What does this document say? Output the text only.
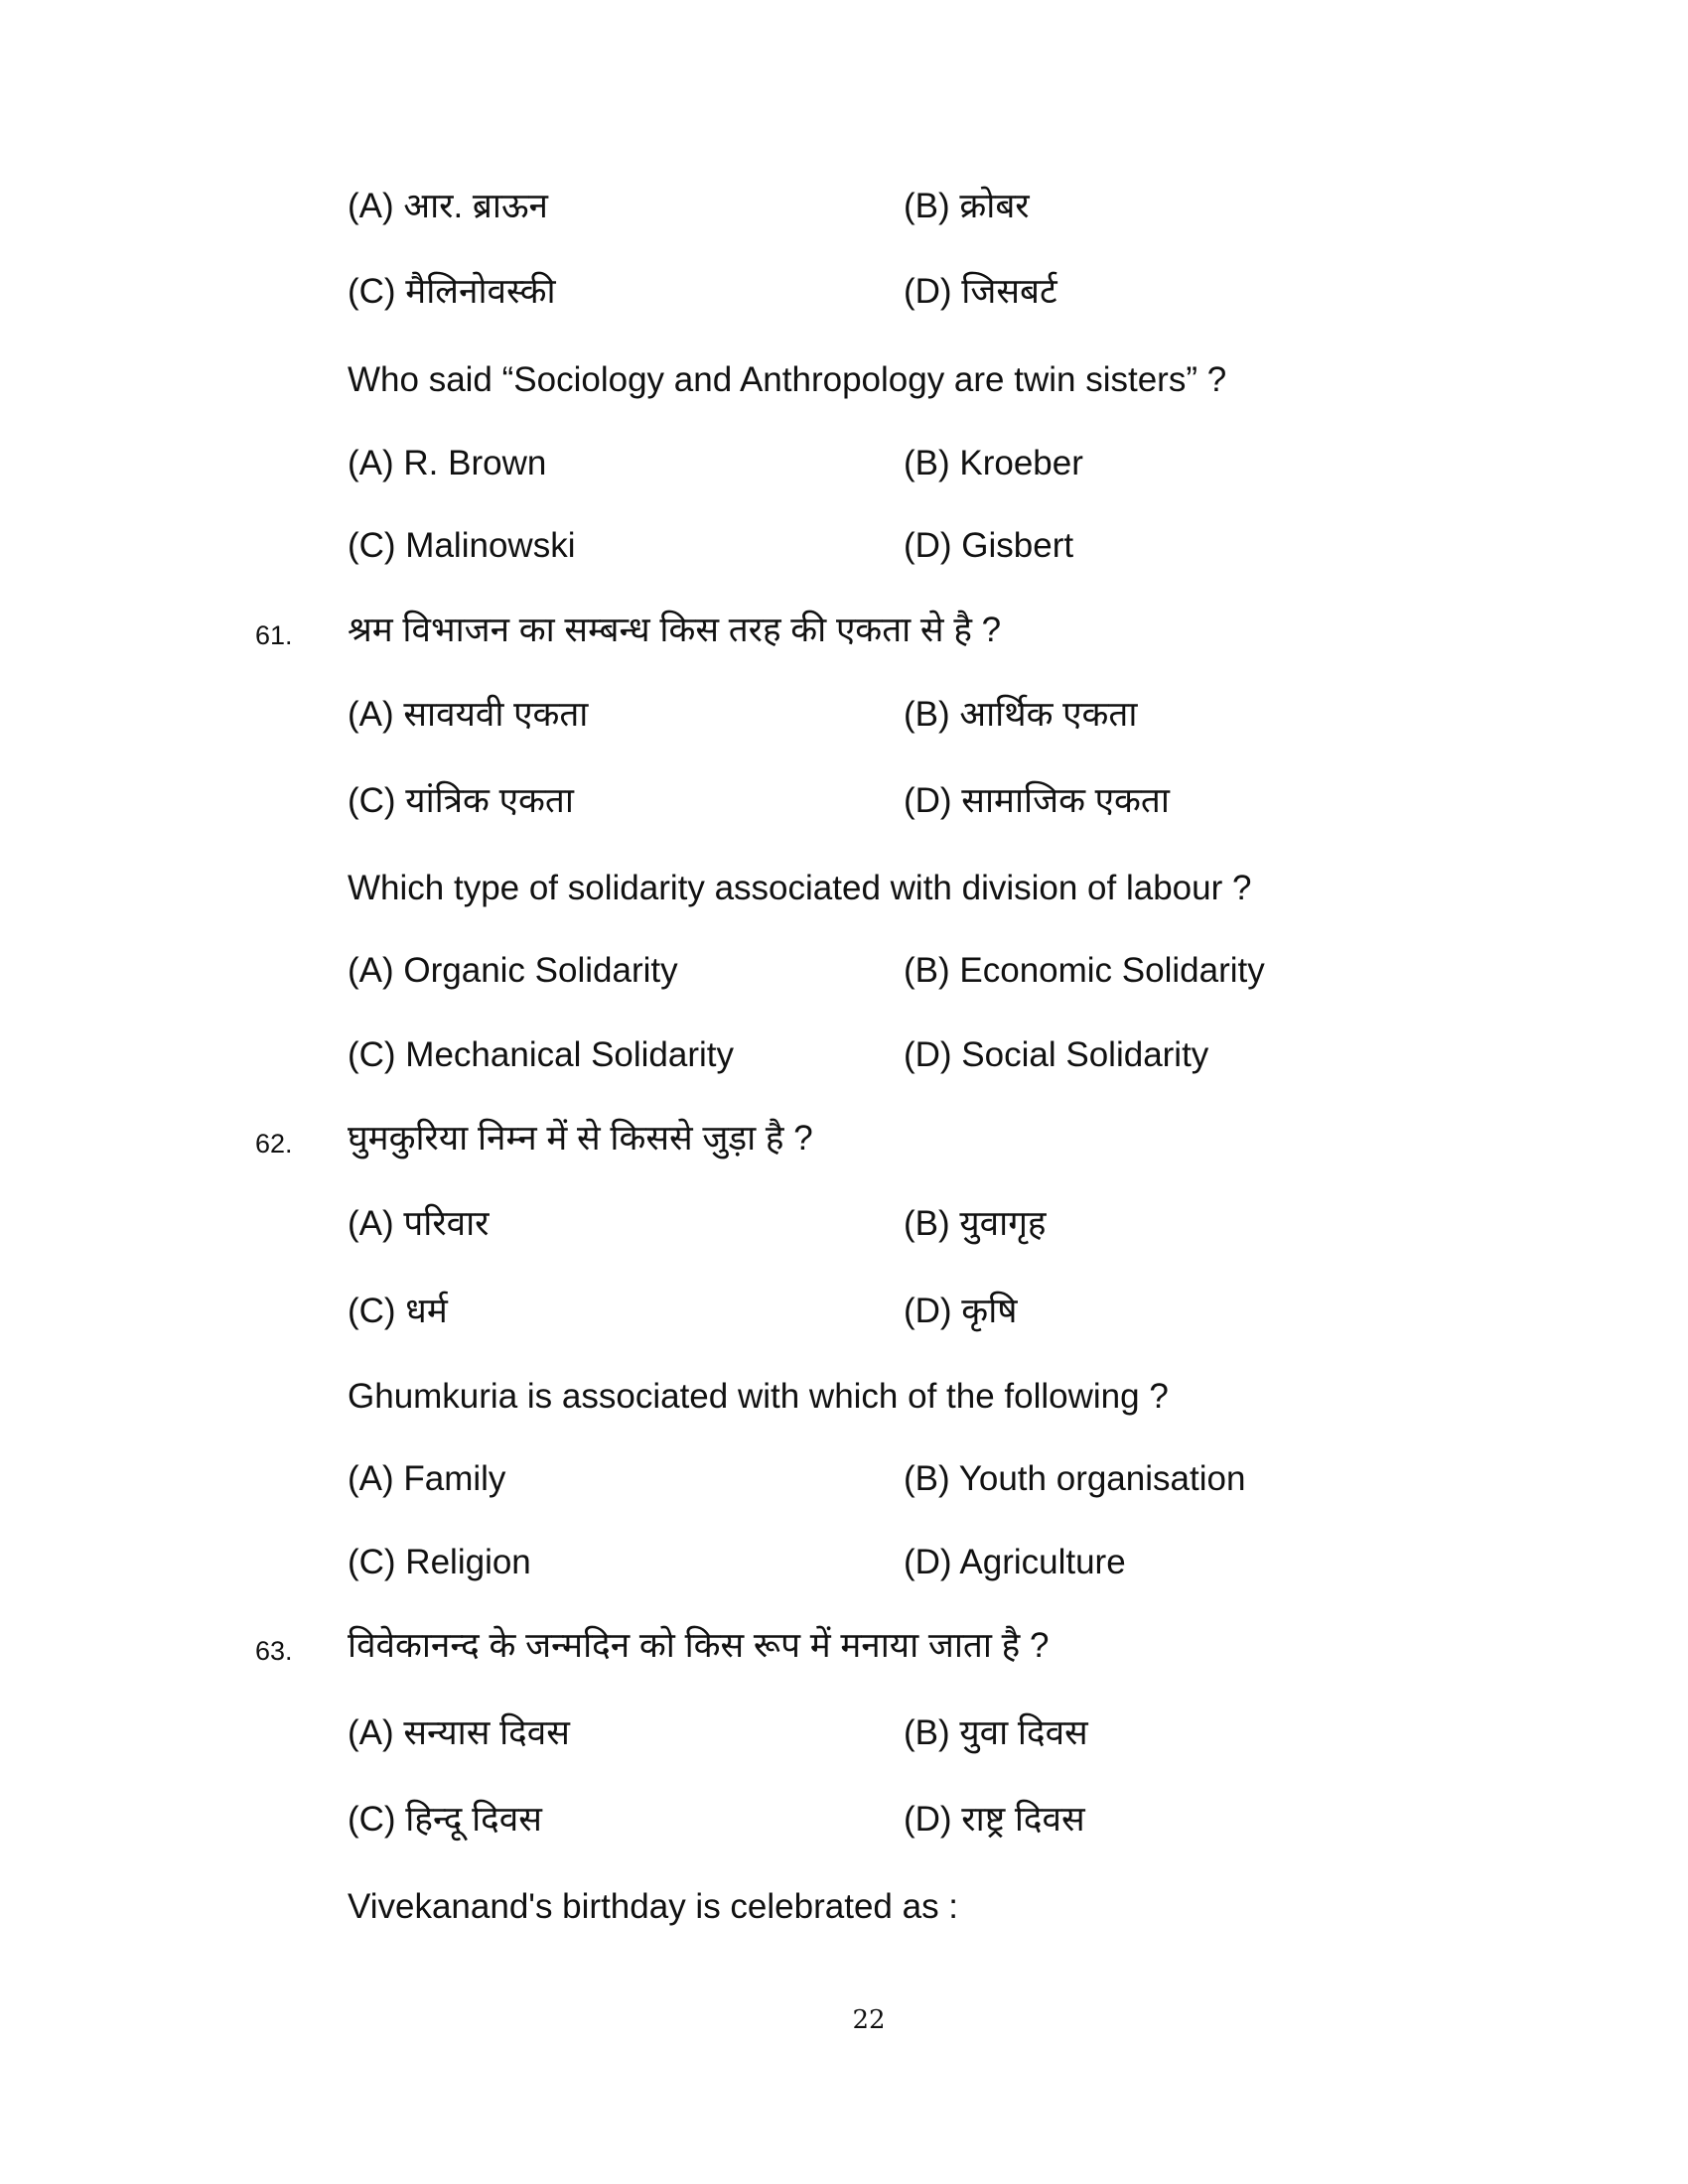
(A) आर. ब्राऊन	(B) क्रोबर
(C) मैलिनोवस्की	(D) जिसबर्ट
Who said “Sociology and Anthropology are twin sisters” ?
(A) R. Brown	(B) Kroeber
(C) Malinowski	(D) Gisbert
61. श्रम विभाजन का सम्बन्ध किस तरह की एकता से है ?
(A) सावयवी एकता	(B) आर्थिक एकता
(C) यांत्रिक एकता	(D) सामाजिक एकता
Which type of solidarity associated with division of labour ?
(A) Organic Solidarity	(B) Economic Solidarity
(C) Mechanical Solidarity	(D) Social Solidarity
62. घुमकुरिया निम्न में से किससे जुड़ा है ?
(A) परिवार	(B) युवागृह
(C) धर्म	(D) कृषि
Ghumkuria is associated with which of the following ?
(A) Family	(B) Youth organisation
(C) Religion	(D) Agriculture
63. विवेकानन्द के जन्मदिन को किस रूप में मनाया जाता है ?
(A) सन्यास दिवस	(B) युवा दिवस
(C) हिन्दू दिवस	(D) राष्ट्र दिवस
Vivekanand's birthday is celebrated as :
22
